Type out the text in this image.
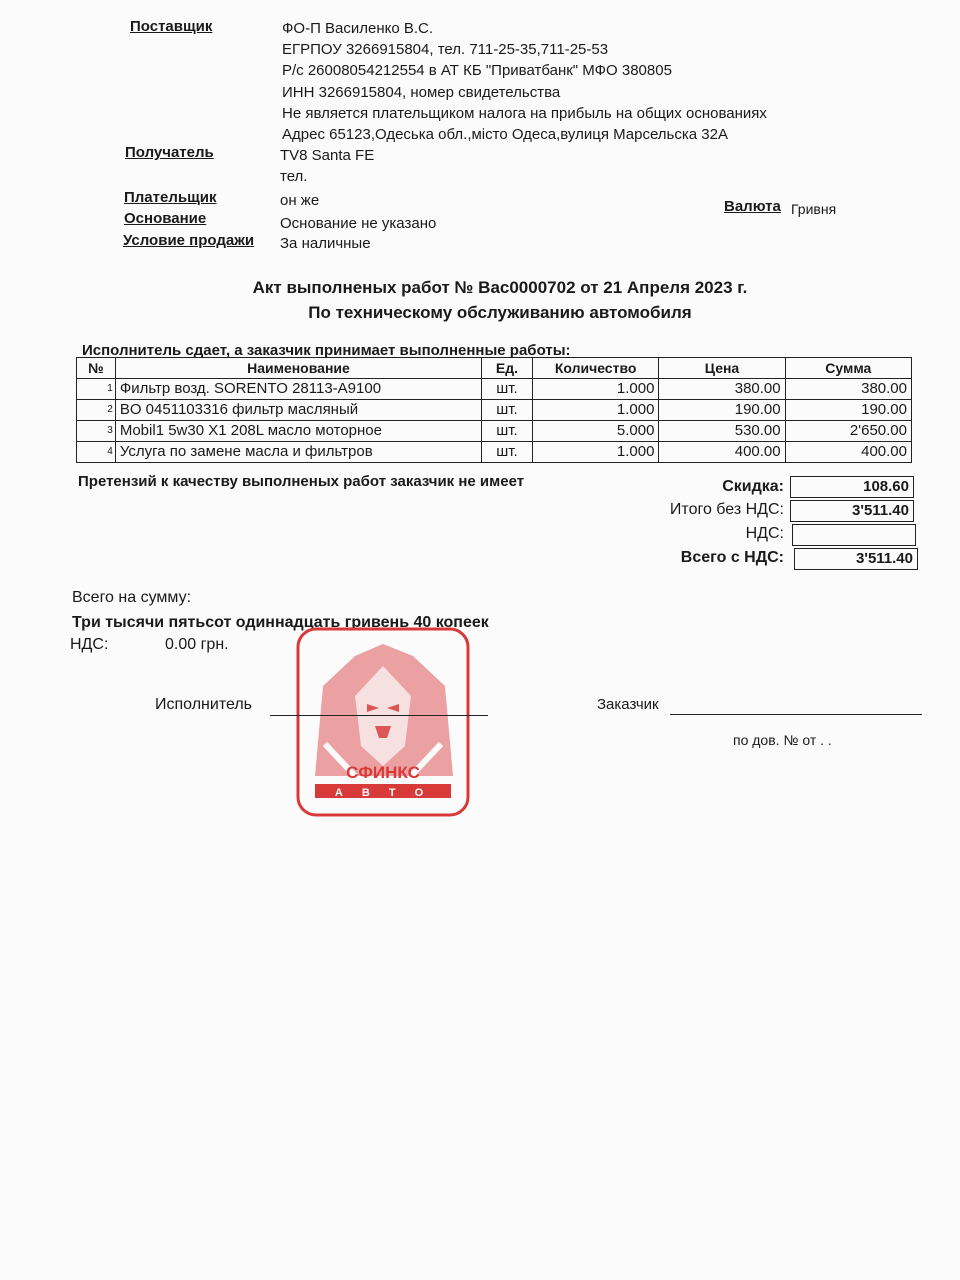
Поставщик	ФО-П Василенко В.С.
ЕГРПОУ 3266915804, тел. 711-25-35,711-25-53
Р/с 26008054212554 в АТ КБ "Приватбанк" МФО 380805
ИНН 3266915804, номер свидетельства
Не является плательщиком налога на прибыль на общих основаниях
Адрес 65123,Одеська обл.,місто Одеса,вулиця Марсельска 32А
Получатель	TV8 Santa FE
тел.
Плательщик	он же
Основание	Основание не указано
Условие продажи За наличные
Валюта Гривня
Акт выполненых работ № Вас0000702 от 21 Апреля 2023 г.
По техническому обслуживанию автомобиля
Исполнитель сдает, а заказчик принимает выполненные работы:
№	Наименование	Ед.	Количество	Цена	Сумма
1	Фильтр возд. SORENTO 28113-А9100	шт.	1.000	380.00	380.00
2	BO 0451103316 фильтр масляный	шт.	1.000	190.00	190.00
3	Mobil1 5w30 X1 208L масло моторное	шт.	5.000	530.00	2'650.00
4	Услуга по замене масла и фильтров	шт.	1.000	400.00	400.00
Претензий к качеству выполненых работ заказчик не имеет	Скидка:	108.60
Итого без НДС:	3'511.40
НДС:
Всего с НДС:	3'511.40
Всего на сумму:
Три тысячи пятьсот одиннадцать гривень 40 копеек
НДС:	0.00 грн.
СФИНКС
А В Т О
Исполнитель	Заказчик
по дов. № от . .
